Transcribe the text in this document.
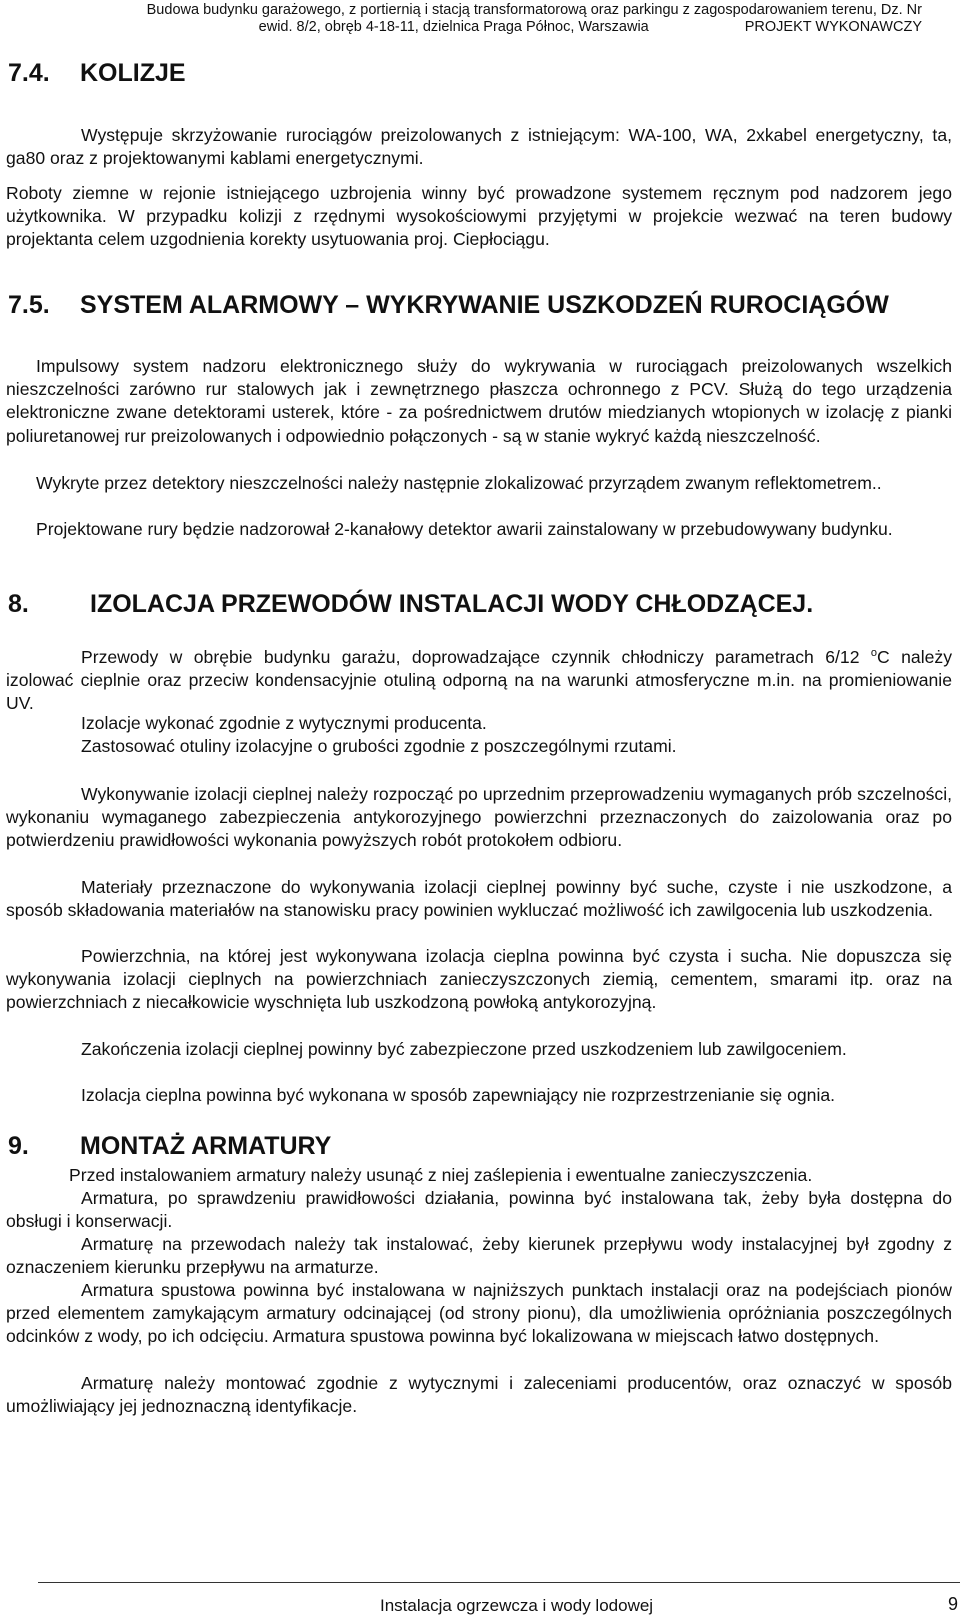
Budowa budynku garażowego, z portiernią i stacją transformatorową oraz parkingu z zagospodarowaniem terenu, Dz. Nr
ewid. 8/2, obręb 4-18-11, dzielnica Praga Północ, Warszawia	PROJEKT WYKONAWCZY
7.4. KOLIZJE
Występuje skrzyżowanie rurociągów preizolowanych z istniejącym: WA-100, WA, 2xkabel energetyczny, ta, ga80 oraz z projektowanymi kablami energetycznymi.
Roboty ziemne w rejonie istniejącego uzbrojenia winny być prowadzone systemem ręcznym pod nadzorem jego użytkownika. W przypadku kolizji z rzędnymi wysokościowymi przyjętymi w projekcie wezwać na teren budowy projektanta celem uzgodnienia korekty usytuowania proj. Ciepłociągu.
7.5. SYSTEM ALARMOWY – WYKRYWANIE USZKODZEŃ RUROCIĄGÓW
Impulsowy system nadzoru elektronicznego służy do wykrywania w rurociągach preizolowanych wszelkich nieszczelności zarówno rur stalowych jak i zewnętrznego płaszcza ochronnego z PCV. Służą do tego urządzenia elektroniczne zwane detektorami usterek, które - za pośrednictwem drutów miedzianych wtopionych w izolację z pianki poliuretanowej rur preizolowanych i odpowiednio połączonych - są w stanie wykryć każdą nieszczelność.
Wykryte przez detektory nieszczelności należy następnie zlokalizować przyrządem zwanym reflektometrem..
Projektowane rury będzie nadzorował 2-kanałowy detektor awarii zainstalowany w przebudowywany budynku.
8. IZOLACJA PRZEWODÓW INSTALACJI WODY CHŁODZĄCEJ.
Przewody w obrębie budynku garażu, doprowadzające czynnik chłodniczy parametrach 6/12 $^o$C należy izolować cieplnie oraz przeciw kondensacyjnie otuliną odporną na na warunki atmosferyczne m.in. na promieniowanie UV.
Izolacje wykonać zgodnie z wytycznymi producenta.
Zastosować otuliny izolacyjne o grubości zgodnie z poszczególnymi rzutami.
Wykonywanie izolacji cieplnej należy rozpocząć po uprzednim przeprowadzeniu wymaganych prób szczelności, wykonaniu wymaganego zabezpieczenia antykorozyjnego powierzchni przeznaczonych do zaizolowania oraz po potwierdzeniu prawidłowości wykonania powyższych robót protokołem odbioru.
Materiały przeznaczone do wykonywania izolacji cieplnej powinny być suche, czyste i nie uszkodzone, a sposób składowania materiałów na stanowisku pracy powinien wykluczać możliwość ich zawilgocenia lub uszkodzenia.
Powierzchnia, na której jest wykonywana izolacja cieplna powinna być czysta i sucha. Nie dopuszcza się wykonywania izolacji cieplnych na powierzchniach zanieczyszczonych ziemią, cementem, smarami itp. oraz na powierzchniach z niecałkowicie wyschnięta lub uszkodzoną powłoką antykorozyjną.
Zakończenia izolacji cieplnej powinny być zabezpieczone przed uszkodzeniem lub zawilgoceniem.
Izolacja cieplna powinna być wykonana w sposób zapewniający nie rozprzestrzenianie się ognia.
9. MONTAŻ ARMATURY
Przed instalowaniem armatury należy usunąć z niej zaślepienia i ewentualne zanieczyszczenia.
Armatura, po sprawdzeniu prawidłowości działania, powinna być instalowana tak, żeby była dostępna do obsługi i konserwacji.
Armaturę na przewodach należy tak instalować, żeby kierunek przepływu wody instalacyjnej był zgodny z oznaczeniem kierunku przepływu na armaturze.
Armatura spustowa powinna być instalowana w najniższych punktach instalacji oraz na podejściach pionów przed elementem zamykającym armatury odcinającej (od strony pionu), dla umożliwienia opróżniania poszczególnych odcinków z wody, po ich odcięciu. Armatura spustowa powinna być lokalizowana w miejscach łatwo dostępnych.
Armaturę należy montować zgodnie z wytycznymi i zaleceniami producentów, oraz oznaczyć w sposób umożliwiający jej jednoznaczną identyfikacje.
Instalacja ogrzewcza i wody lodowej	9
